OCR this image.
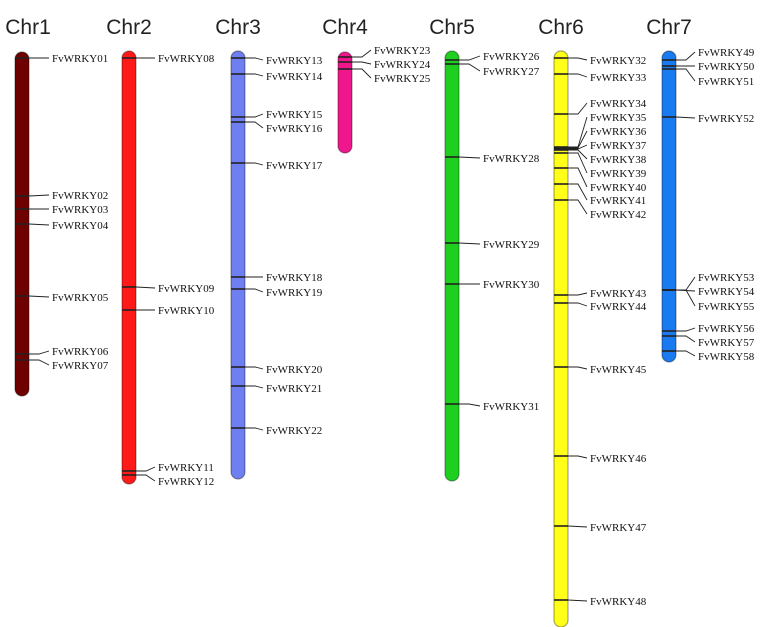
Chr1
FvWRKY01
FvWRKY02
FvWRKY03
FvWRKY04
FvWRKY05
FvWRKY06
FvWRKY07
Chr2
FvWRKY08
FvWRKY09
FvWRKY10
FvWRKY11
FvWRKY12
Chr3
FvWRKY13
FvWRKY14
FvWRKY15
FvWRKY16
FvWRKY17
FvWRKY18
FvWRKY19
FvWRKY20
FvWRKY21
FvWRKY22
Chr4
FvWRKY23
FvWRKY24
FvWRKY25
Chr5
FvWRKY26
FvWRKY27
FvWRKY28
FvWRKY29
FvWRKY30
FvWRKY31
Chr6
FvWRKY32
FvWRKY33
FvWRKY34
FvWRKY35
FvWRKY36
FvWRKY37
FvWRKY38
FvWRKY39
FvWRKY40
FvWRKY41
FvWRKY42
FvWRKY43
FvWRKY44
FvWRKY45
FvWRKY46
FvWRKY47
FvWRKY48
Chr7
FvWRKY49
FvWRKY50
FvWRKY51
FvWRKY52
FvWRKY53
FvWRKY54
FvWRKY55
FvWRKY56
FvWRKY57
FvWRKY58
